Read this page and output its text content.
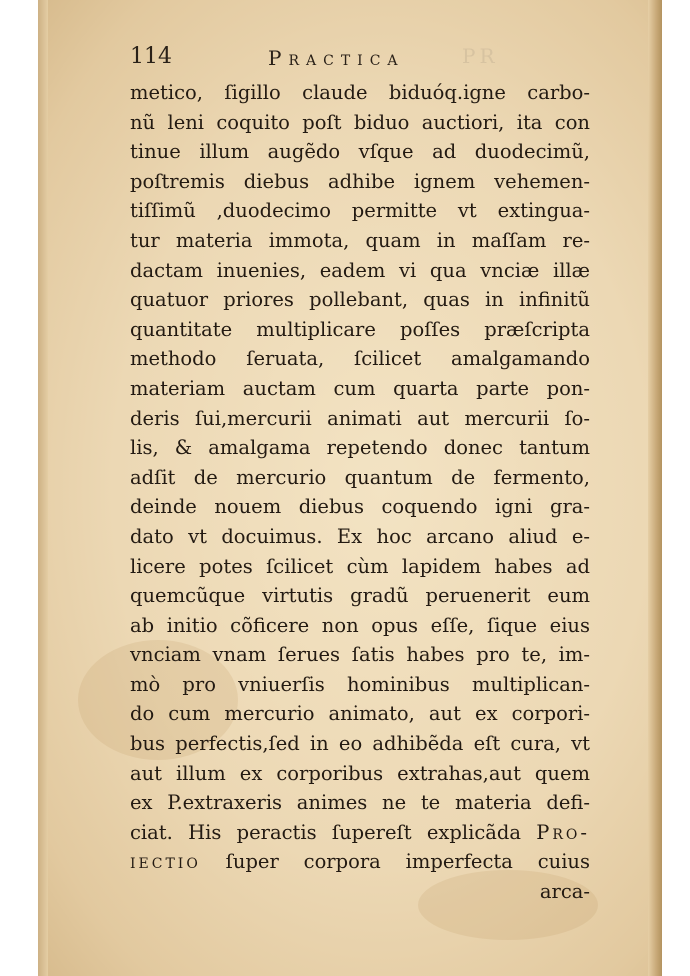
114	Practica	PR
metico, ſigillo claude biduóq.igne carbo-
nũ leni coquito poſt biduo auctiori, ita con
tinue illum augẽdo vſque ad duodecimũ,
poſtremis diebus adhibe ignem vehemen-
tiſſimũ ,duodecimo permitte vt extingua-
tur materia immota, quam in maſſam re-
dactam inuenies, eadem vi qua vnciæ illæ
quatuor priores pollebant, quas in infinitũ
quantitate multiplicare poſſes præſcripta
methodo ſeruata, ſcilicet amalgamando
materiam auctam cum quarta parte pon-
deris ſui,mercurii animati aut mercurii ſo-
lis, & amalgama repetendo donec tantum
adſit de mercurio quantum de fermento,
deinde nouem diebus coquendo igni gra-
dato vt docuimus. Ex hoc arcano aliud e-
licere potes ſcilicet cùm lapidem habes ad
quemcũque virtutis gradũ peruenerit eum
ab initio cõficere non opus eſſe, ſique eius
vnciam vnam ſerues ſatis habes pro te, im-
mò pro vniuerſis hominibus multiplican-
do cum mercurio animato, aut ex corpori-
bus perfectis,ſed in eo adhibẽda eſt cura, vt
aut illum ex corporibus extrahas,aut quem
ex P.extraxeris animes ne te materia defi-
ciat. His peractis ſupereſt explicãda Pro-
iectio ſuper corpora imperfecta cuius
arca-
